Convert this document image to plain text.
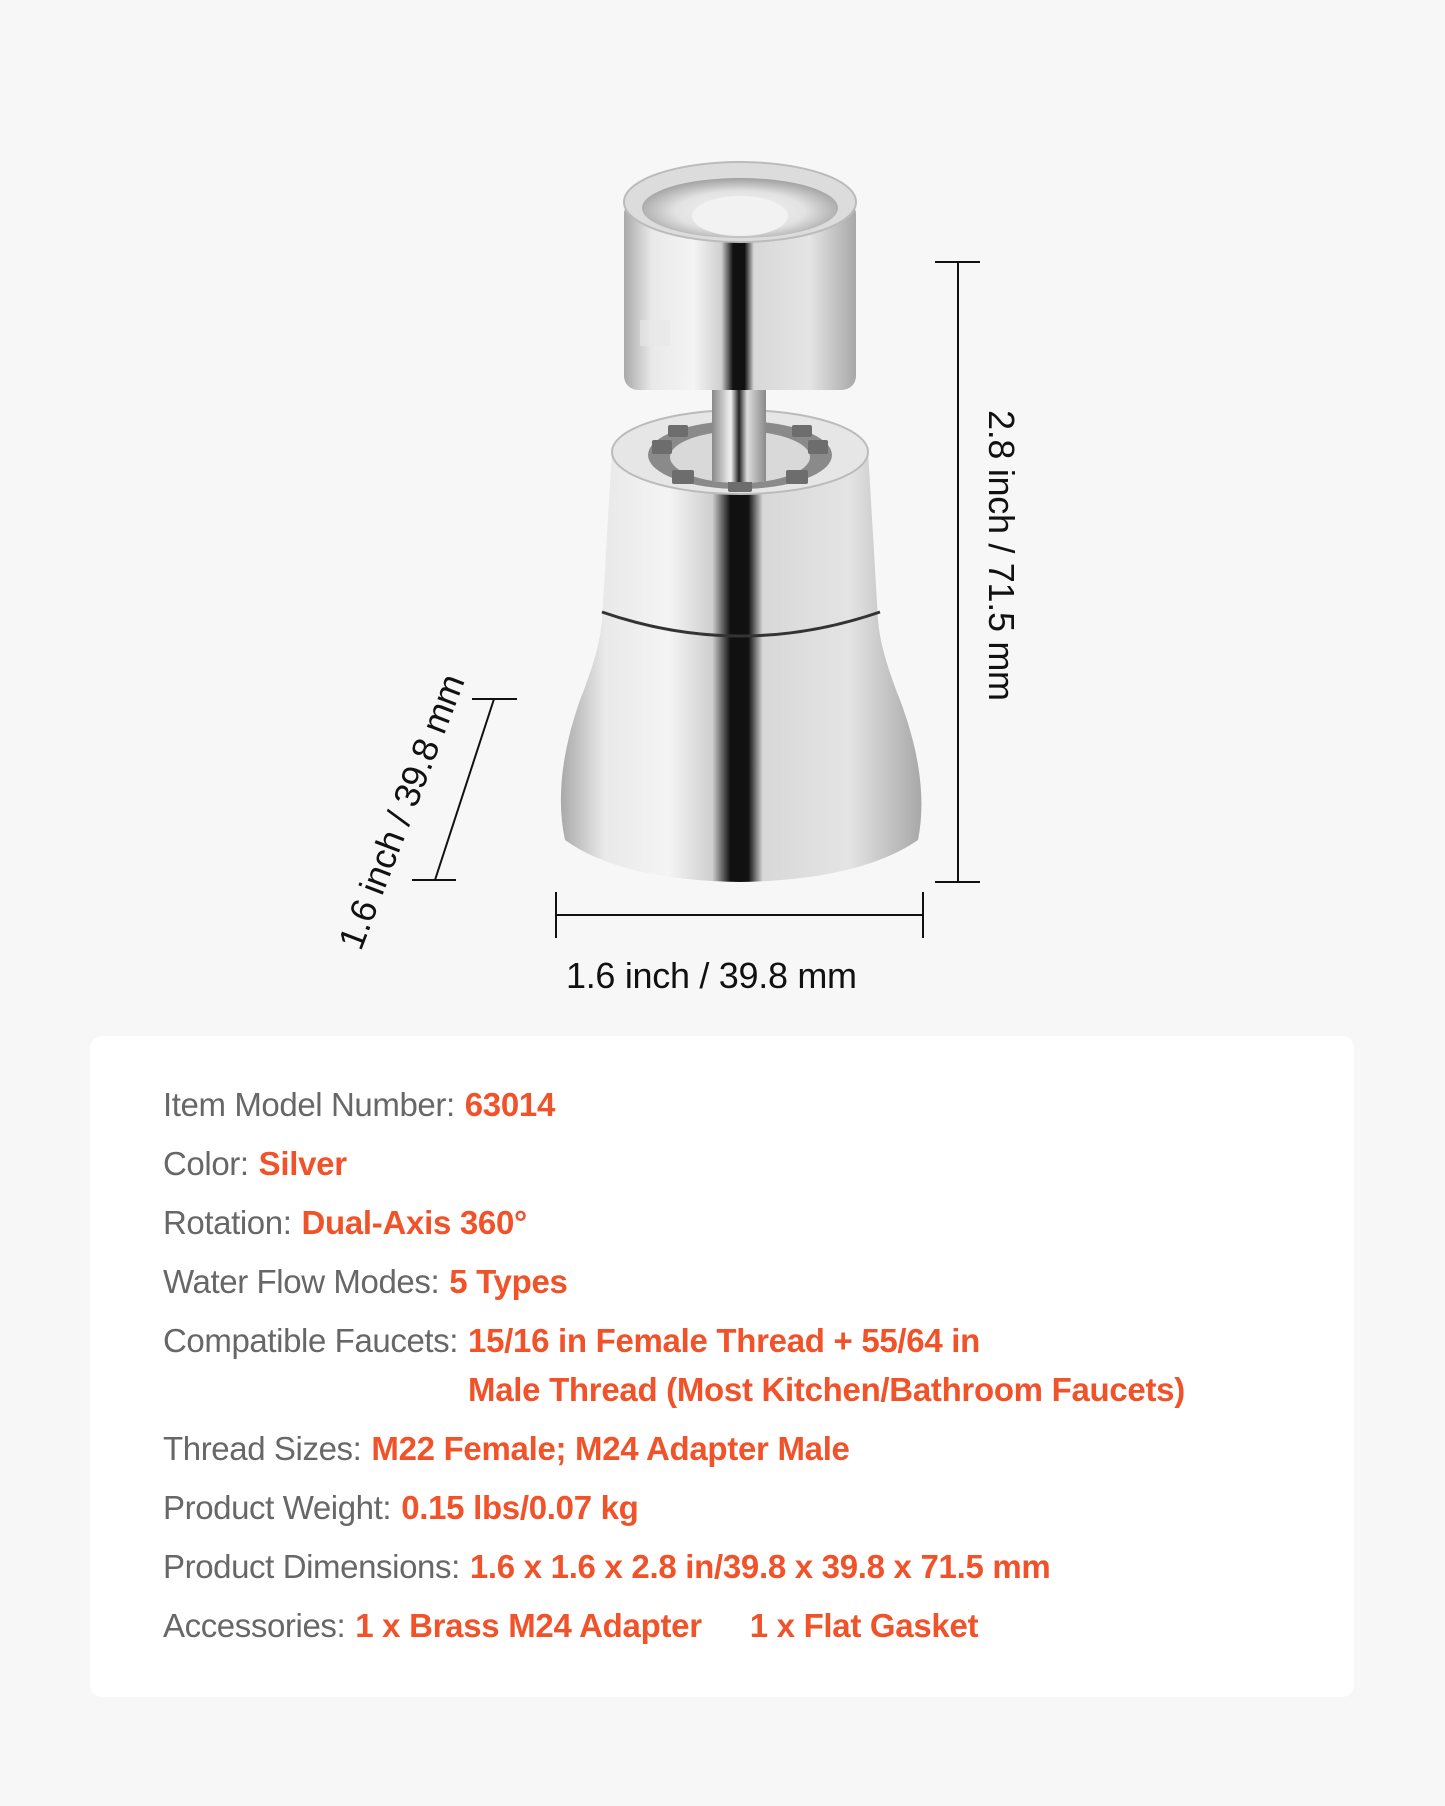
1.6 inch / 39.8 mm
2.8 inch / 71.5 mm
1.6 inch / 39.8 mm
Item Model Number: 63014
Color: Silver
Rotation: Dual-Axis 360°
Water Flow Modes: 5 Types
Compatible Faucets: 15/16 in Female Thread + 55/64 in
Male Thread (Most Kitchen/Bathroom Faucets)
Thread Sizes: M22 Female; M24 Adapter Male
Product Weight: 0.15 lbs/0.07 kg
Product Dimensions: 1.6 x 1.6 x 2.8 in/39.8 x 39.8 x 71.5 mm
Accessories: 1 x Brass M24 Adapter 1 x Flat Gasket
